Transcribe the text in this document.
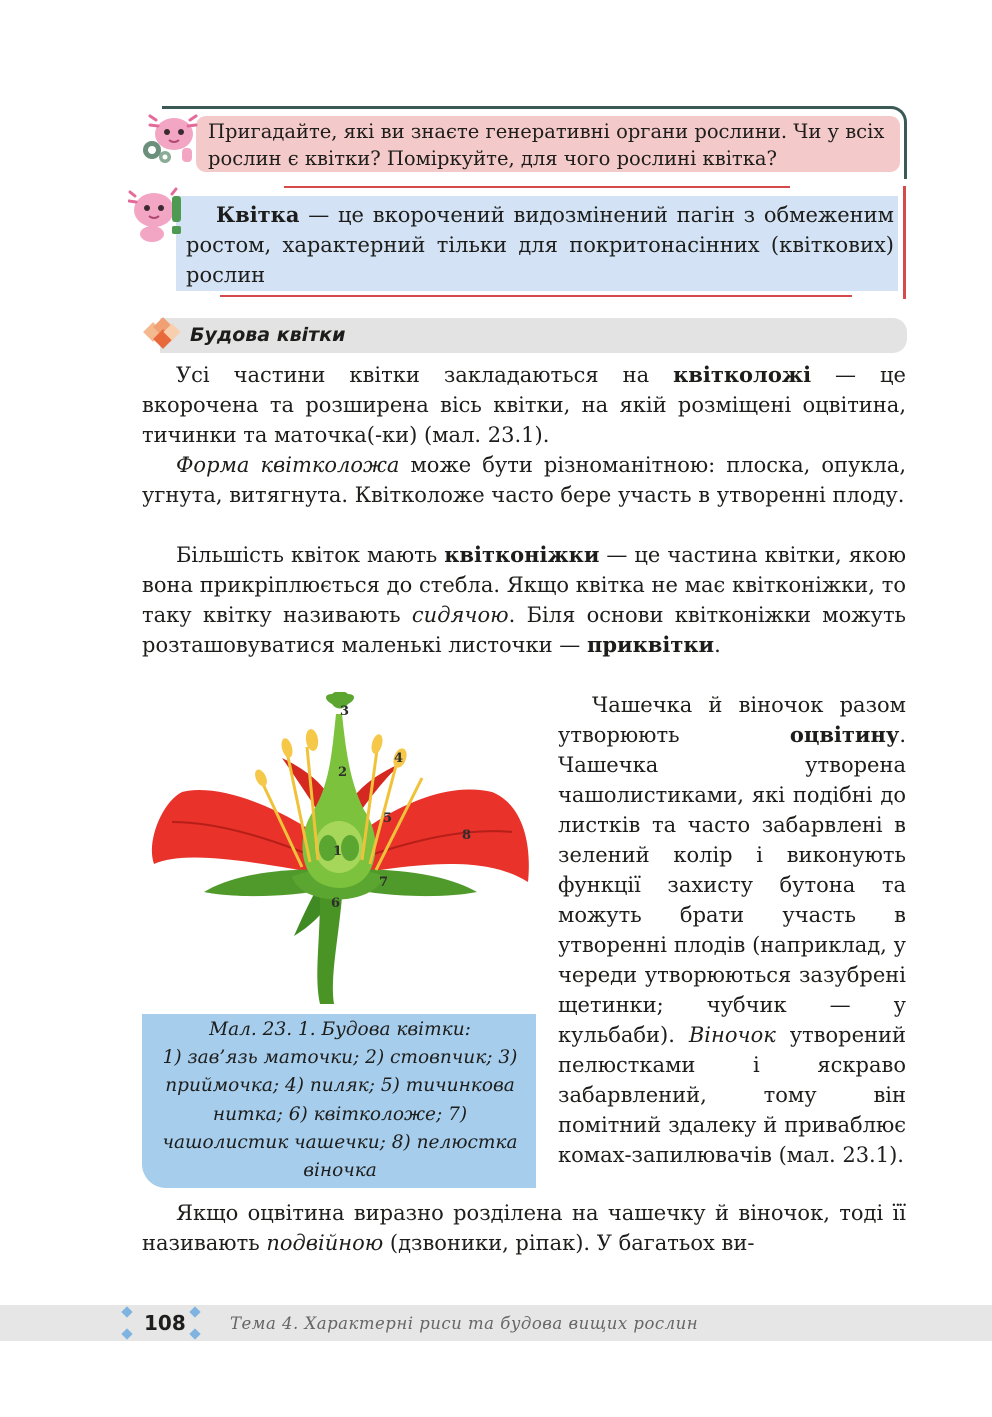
Пригадайте, які ви знаєте генеративні органи рослини. Чи у всіх рослин є квітки? Поміркуйте, для чого рослині квітка?
Квітка — це вкорочений видозмінений пагін з обмеженим ростом, характерний тільки для покритонасінних (квіткових) рослин
Будова квітки

Усі частини квітки закладаються на квітколожі — це вкорочена та розширена вісь квітки, на якій розміщені оцвітина, тичинки та маточка(-ки) (мал. 23.1).

Форма квітколожа може бути різноманітною: плоска, опукла, угнута, витягнута. Квітколоже часто бере участь в утворенні плоду.

Більшість квіток мають квітконіжки — це частина квітки, якою вона прикріплюється до стебла. Якщо квітка не має квітконіжки, то таку квітку називають сидячою. Біля основи квітконіжки можуть розташовуватися маленькі листочки — приквітки.

Чашечка й віночок разом утворюють оцвітину. Чашечка утворена чашолистиками, які подібні до листків та часто забарвлені в зелений колір і виконують функції захисту бутона та можуть брати участь в утворенні плодів (наприклад, у череди утворюються зазубрені щетинки; чубчик — у кульбаби). Віночок утворений пелюстками і яскраво забарвлений, тому він помітний здалеку й приваблює комах-запилювачів (мал. 23.1).

Якщо оцвітина виразно розділена на чашечку й віночок, тоді її називають подвійною (дзвоники, ріпак). У багатьох ви-

1
2
3
4
5
6
7
8
Мал. 23. 1. Будова квітки:
1) зав’язь маточки; 2) стовпчик; 3) приймочка; 4) пиляк; 5) тичинкова нитка; 6) квітколоже; 7) чашолистик чашечки; 8) пелюстка віночка
108	Тема 4. Характерні риси та будова вищих рослин
